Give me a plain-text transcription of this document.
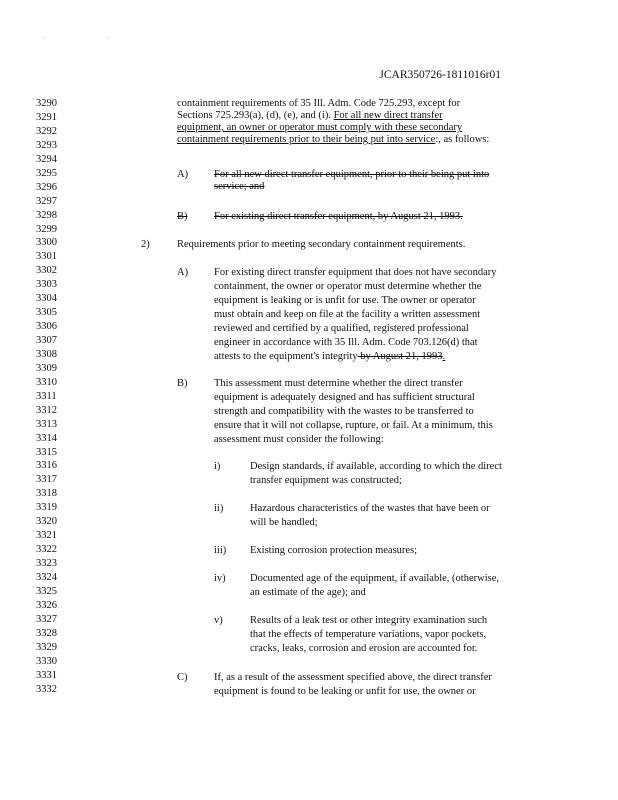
, ,
JCAR350726-1811016r01
3290
3291
3292
3293
3294
3295
3296
3297
3298
3299
3300
3301
3302
3303
3304
3305
3306
3307
3308
3309
3310
3311
3312
3313
3314
3315
3316
3317
3318
3319
3320
3321
3322
3323
3324
3325
3326
3327
3328
3329
3330
3331
3332
containment requirements of 35 Ill. Adm. Code 725.293, except for
Sections 725.293(a), (d), (e), and (i). For all new direct transfer
equipment, an owner or operator must comply with these secondary
containment requirements prior to their being put into service:, as follows:
A) For all new direct transfer equipment, prior to their being put into
service; and
B)	For existing direct transfer equipment, by August 21, 1993.
2)	Requirements prior to meeting secondary containment requirements.
A) For existing direct transfer equipment that does not have secondary
containment, the owner or operator must determine whether the
equipment is leaking or is unfit for use. The owner or operator
must obtain and keep on file at the facility a written assessment
reviewed and certified by a qualified, registered professional
engineer in accordance with 35 Ill. Adm. Code 703.126(d) that
attests to the equipment's integrity by August 21, 1993.
B)	This assessment must determine whether the direct transfer
equipment is adequately designed and has sufficient structural
strength and compatibility with the wastes to be transferred to
ensure that it will not collapse, rupture, or fail. At a minimum, this
assessment must consider the following:
i)	Design standards, if available, according to which the direct
transfer equipment was constructed;
ii)	Hazardous characteristics of the wastes that have been or
will be handled;
iii) Existing corrosion protection measures;
iv) Documented age of the equipment, if available, (otherwise,
an estimate of the age); and
v)	Results of a leak test or other integrity examination such
that the effects of temperature variations, vapor pockets,
cracks, leaks, corrosion and erosion are accounted for.
C)	If, as a result of the assessment specified above, the direct transfer
equipment is found to be leaking or unfit for use, the owner or
